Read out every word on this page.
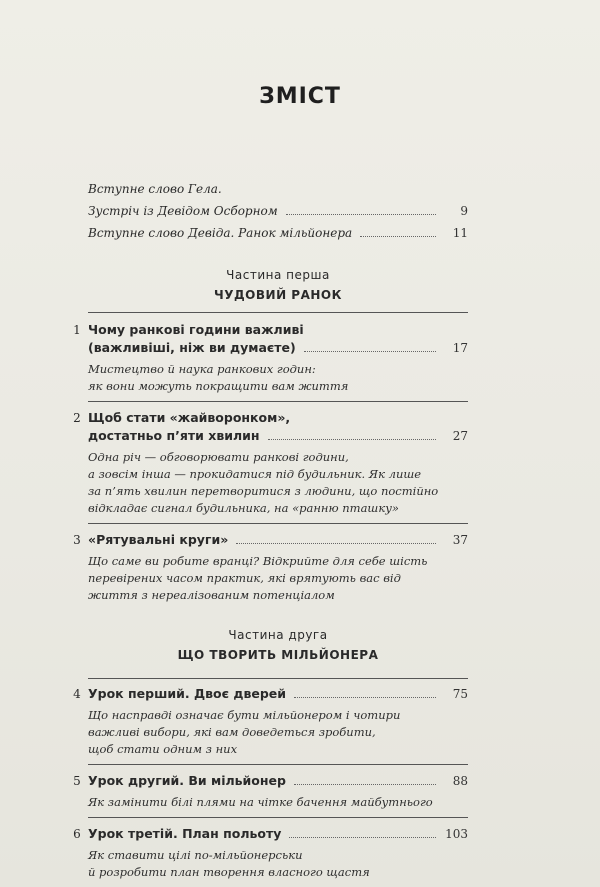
ЗМІСТ
Вступне слово Гела.
Зустріч із Девідом Осборном	9
Вступне слово Девіда. Ранок мільйонера	11
Частина перша
ЧУДОВИЙ РАНОК
1 Чому ранкові години важливі
(важливіші, ніж ви думаєте)	17
Мистецтво й наука ранкових годин:
як вони можуть покращити вам життя
2 Щоб стати «жайворонком»,
достатньо п’яти хвилин	27
Одна річ — обговорювати ранкові години,
а зовсім інша — прокидатися під будильник. Як лише
за п’ять хвилин перетворитися з людини, що постійно
відкладає сигнал будильника, на «ранню пташку»
3 «Рятувальні круги»	37
Що саме ви робите вранці? Відкрийте для себе шість
перевірених часом практик, які врятують вас від
життя з нереалізованим потенціалом
Частина друга
ЩО ТВОРИТЬ МІЛЬЙОНЕРА
4 Урок перший. Двоє дверей	75
Що насправді означає бути мільйонером і чотири
важливі вибори, які вам доведеться зробити,
щоб стати одним з них
5 Урок другий. Ви мільйонер	88
Як замінити білі плями на чітке бачення майбутнього
6 Урок третій. План польоту	103
Як ставити цілі по-мільйонерськи
й розробити план творення власного щастя
